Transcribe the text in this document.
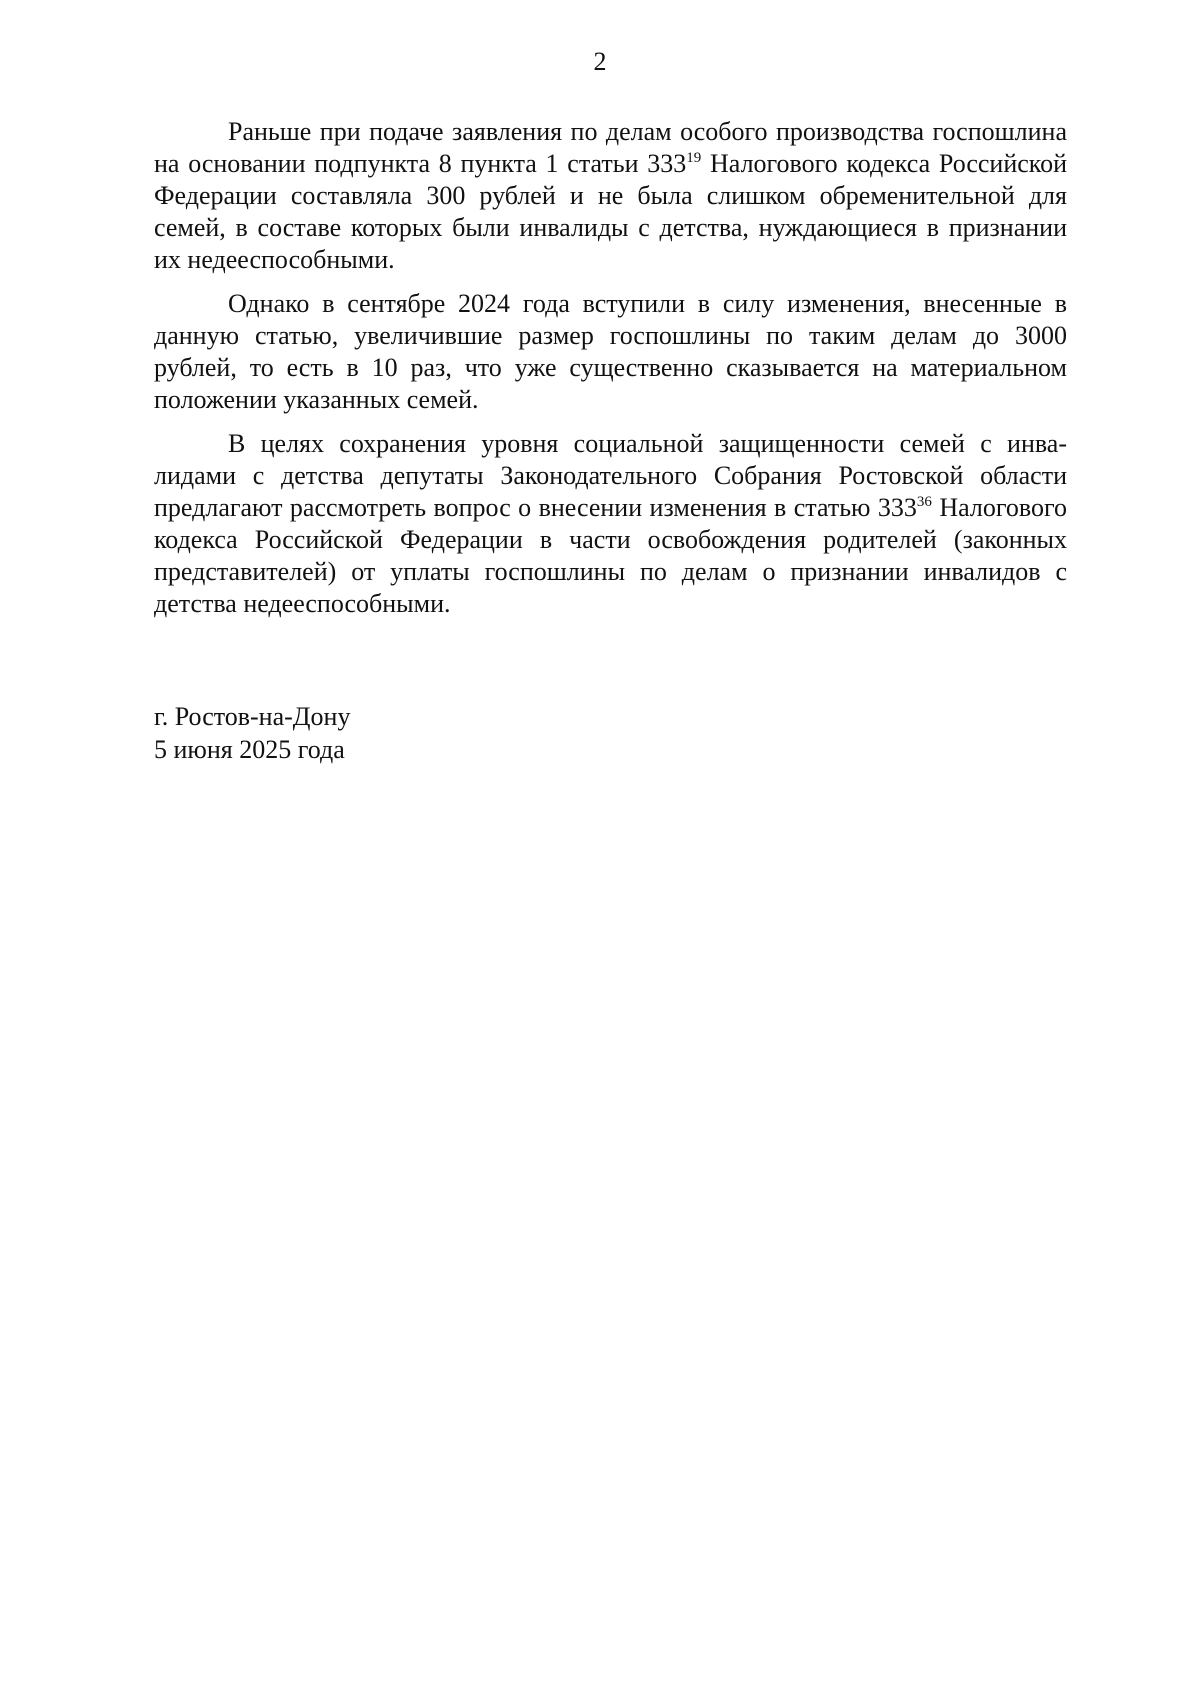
2

Раньше при подаче заявления по делам особого производства госпошлина на основании подпункта 8 пункта 1 статьи $333^{19}$ Налогового кодекса Российской Федерации составляла 300 рублей и не была слишком обременительной для семей, в составе которых были инвалиды с детства, нуждающиеся в признании их недееспособными.

Однако в сентябре 2024 года вступили в силу изменения, внесенные в данную статью, увеличившие размер госпошлины по таким делам до 3000 рублей, то есть в 10 раз, что уже существенно сказывается на материальном положении указанных семей.

В целях сохранения уровня социальной защищенности семей с инвалидами с детства депутаты Законодательного Собрания Ростовской области предлагают рассмотреть вопрос о внесении изменения в статью $333^{36}$ Налогового кодекса Российской Федерации в части освобождения родителей (законных представителей) от уплаты госпошлины по делам о признании инвалидов с детства недееспособными.

г. Ростов-на-Дону
5 июня 2025 года
